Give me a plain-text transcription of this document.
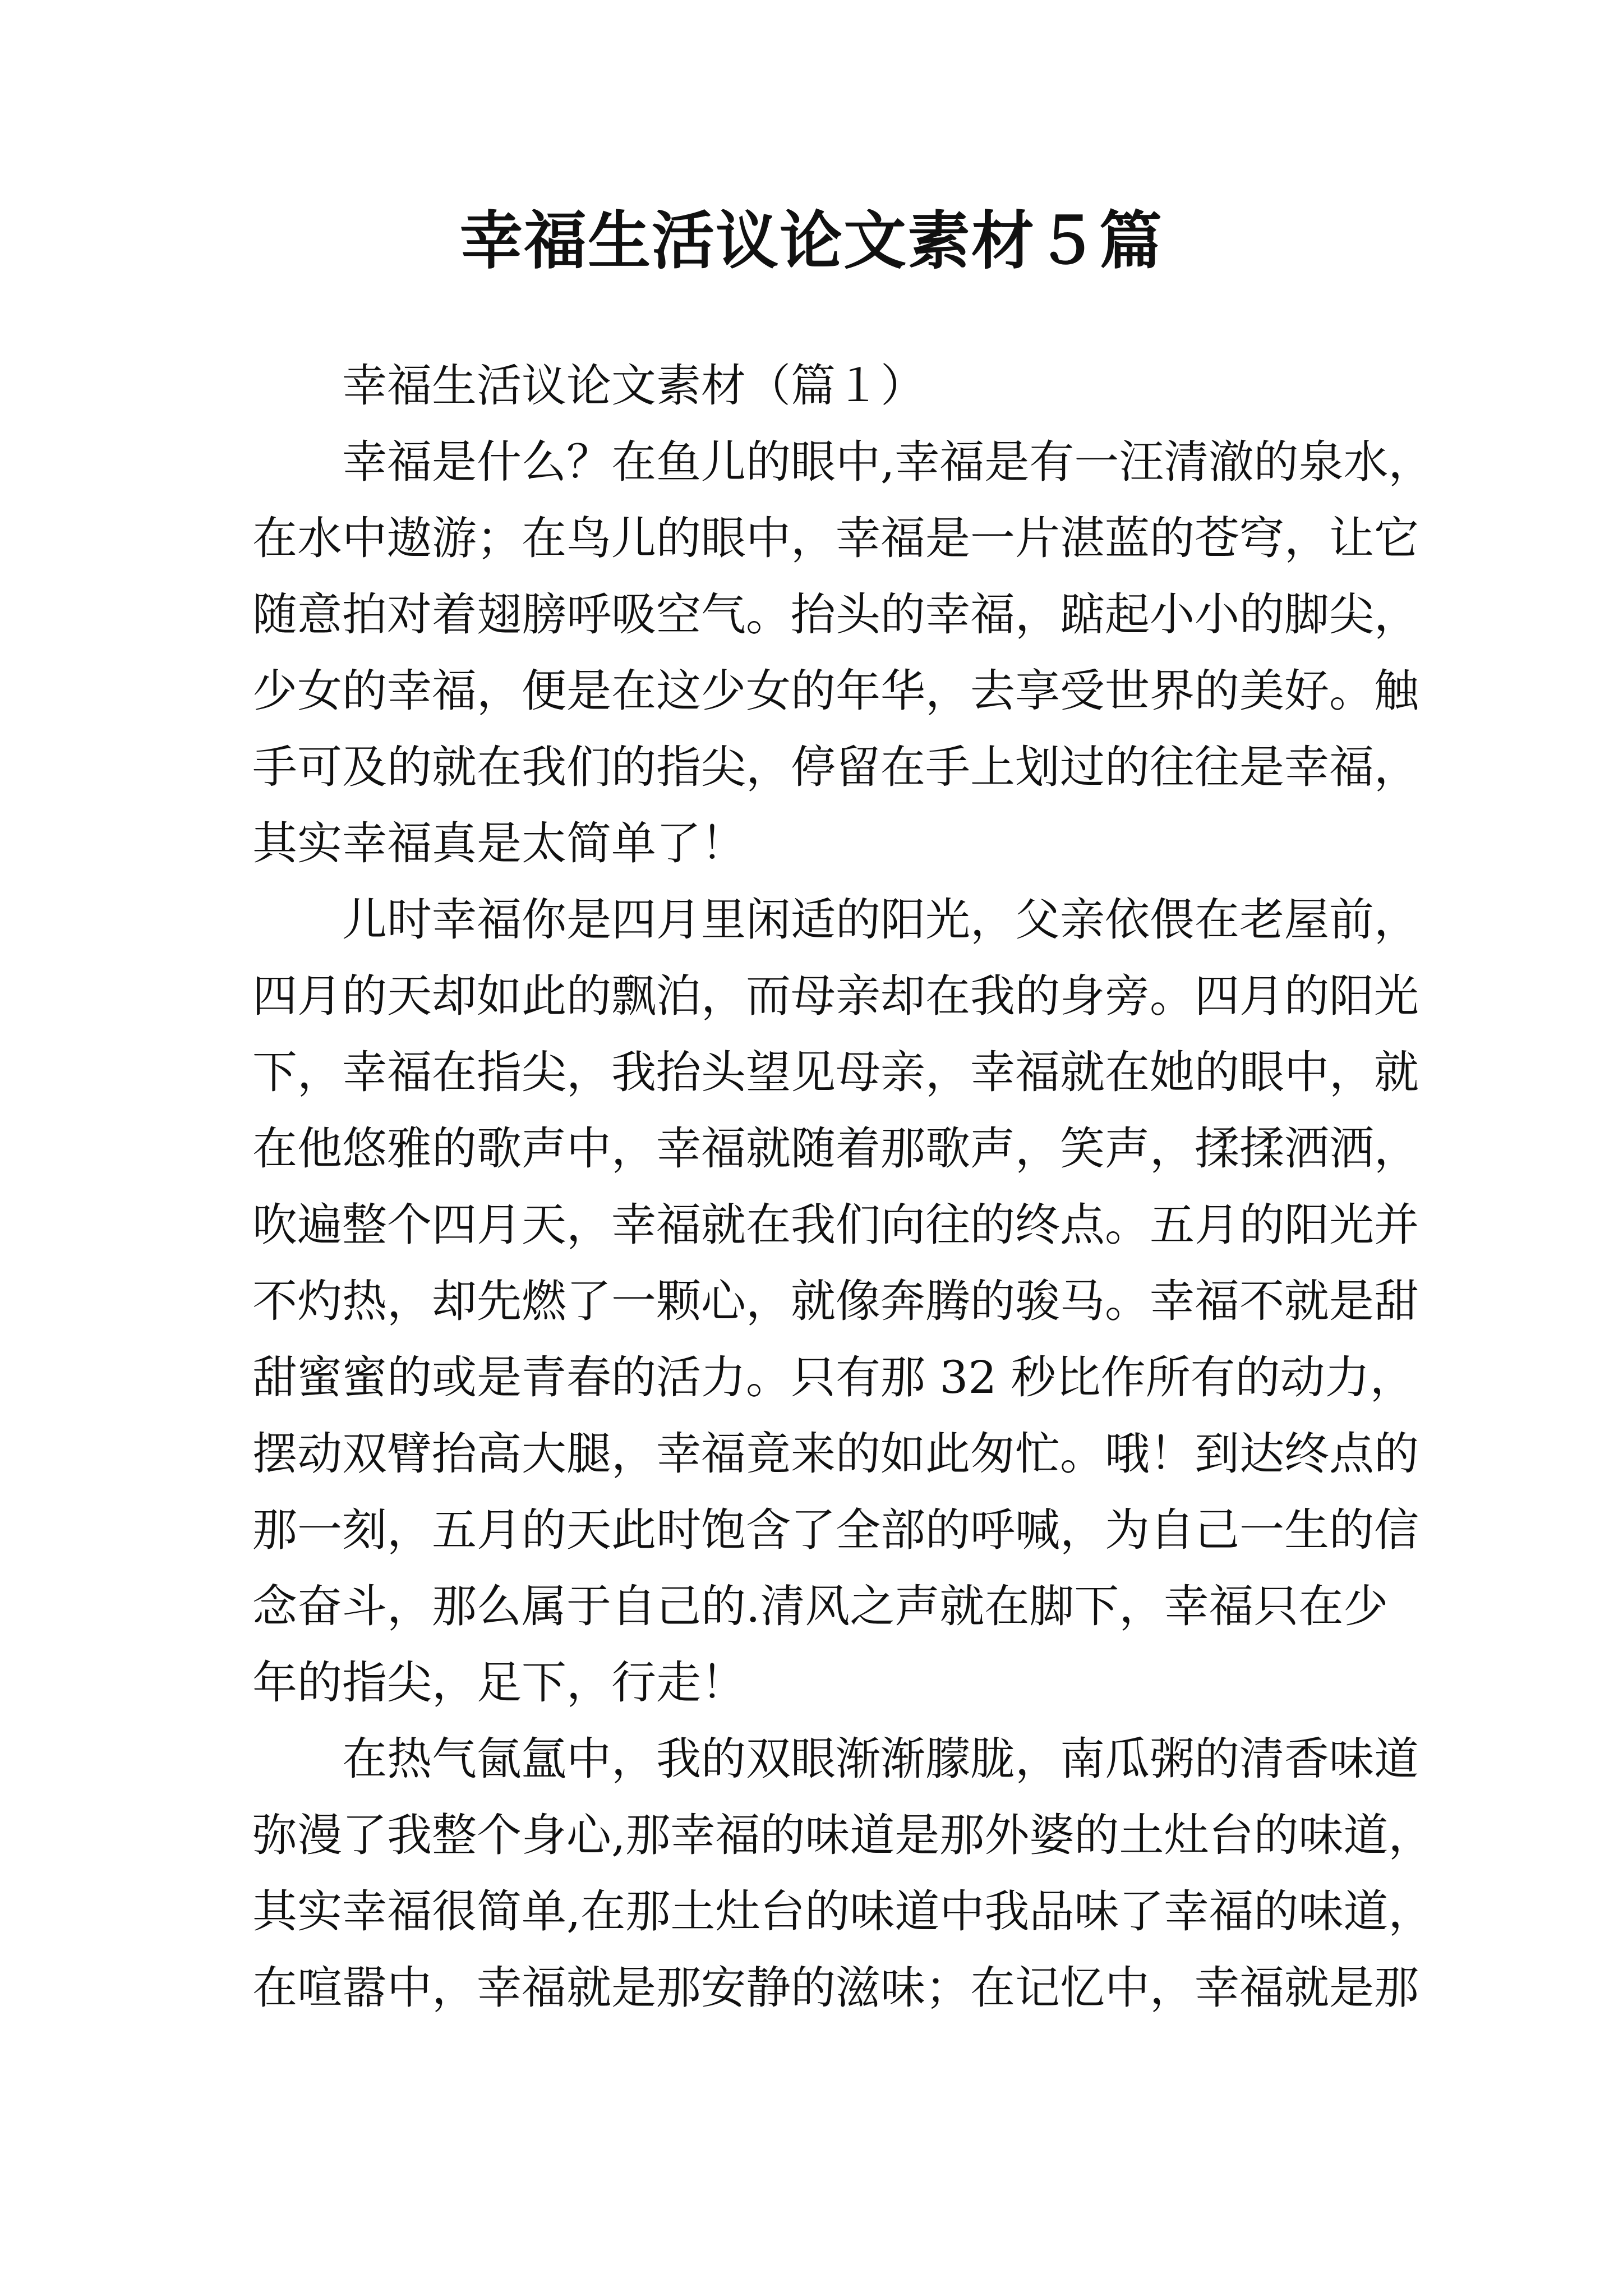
幸福生活议论文素材５篇
幸福生活议论文素材（篇１）
幸福是什么？在鱼儿的眼中,幸福是有一汪清澈的泉水，
在水中遨游；在鸟儿的眼中，幸福是一片湛蓝的苍穹，让它
随意拍对着翅膀呼吸空气。抬头的幸福，踮起小小的脚尖，
少女的幸福，便是在这少女的年华，去享受世界的美好。触
手可及的就在我们的指尖，停留在手上划过的往往是幸福，
其实幸福真是太简单了！
儿时幸福你是四月里闲适的阳光，父亲依偎在老屋前，
四月的天却如此的飘泊，而母亲却在我的身旁。四月的阳光
下，幸福在指尖，我抬头望见母亲，幸福就在她的眼中，就
在他悠雅的歌声中，幸福就随着那歌声，笑声，揉揉洒洒，
吹遍整个四月天，幸福就在我们向往的终点。五月的阳光并
不灼热，却先燃了一颗心，就像奔腾的骏马。幸福不就是甜
甜蜜蜜的或是青春的活力。只有那 32 秒比作所有的动力，
摆动双臂抬高大腿，幸福竟来的如此匆忙。哦！到达终点的
那一刻，五月的天此时饱含了全部的呼喊，为自己一生的信
念奋斗，那么属于自己的.清风之声就在脚下，幸福只在少
年的指尖，足下，行走！
在热气氤氲中，我的双眼渐渐朦胧，南瓜粥的清香味道
弥漫了我整个身心,那幸福的味道是那外婆的土灶台的味道，
其实幸福很简单,在那土灶台的味道中我品味了幸福的味道，
在喧嚣中，幸福就是那安静的滋味；在记忆中，幸福就是那
